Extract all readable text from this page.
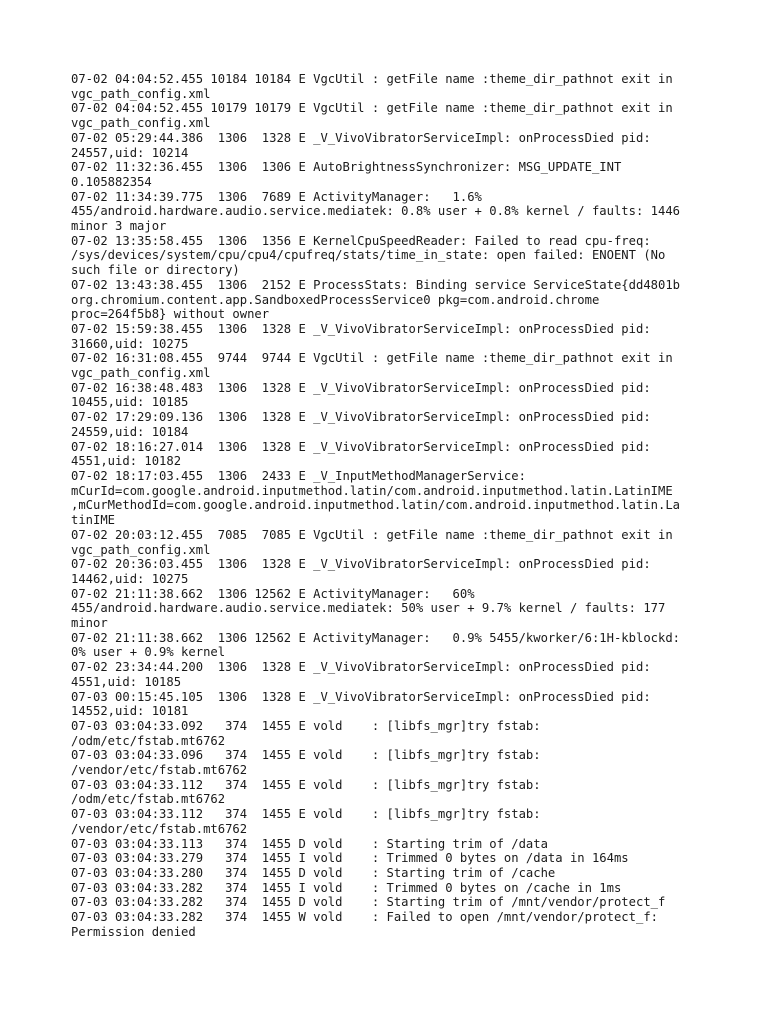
07-02 04:04:52.455 10184 10184 E VgcUtil : getFile name :theme_dir_pathnot exit in
vgc_path_config.xml
07-02 04:04:52.455 10179 10179 E VgcUtil : getFile name :theme_dir_pathnot exit in
vgc_path_config.xml
07-02 05:29:44.386  1306  1328 E _V_VivoVibratorServiceImpl: onProcessDied pid:
24557,uid: 10214
07-02 11:32:36.455  1306  1306 E AutoBrightnessSynchronizer: MSG_UPDATE_INT
0.105882354
07-02 11:34:39.775  1306  7689 E ActivityManager:   1.6%
455/android.hardware.audio.service.mediatek: 0.8% user + 0.8% kernel / faults: 1446
minor 3 major
07-02 13:35:58.455  1306  1356 E KernelCpuSpeedReader: Failed to read cpu-freq:
/sys/devices/system/cpu/cpu4/cpufreq/stats/time_in_state: open failed: ENOENT (No
such file or directory)
07-02 13:43:38.455  1306  2152 E ProcessStats: Binding service ServiceState{dd4801b
org.chromium.content.app.SandboxedProcessService0 pkg=com.android.chrome
proc=264f5b8} without owner
07-02 15:59:38.455  1306  1328 E _V_VivoVibratorServiceImpl: onProcessDied pid:
31660,uid: 10275
07-02 16:31:08.455  9744  9744 E VgcUtil : getFile name :theme_dir_pathnot exit in
vgc_path_config.xml
07-02 16:38:48.483  1306  1328 E _V_VivoVibratorServiceImpl: onProcessDied pid:
10455,uid: 10185
07-02 17:29:09.136  1306  1328 E _V_VivoVibratorServiceImpl: onProcessDied pid:
24559,uid: 10184
07-02 18:16:27.014  1306  1328 E _V_VivoVibratorServiceImpl: onProcessDied pid:
4551,uid: 10182
07-02 18:17:03.455  1306  2433 E _V_InputMethodManagerService:
mCurId=com.google.android.inputmethod.latin/com.android.inputmethod.latin.LatinIME
,mCurMethodId=com.google.android.inputmethod.latin/com.android.inputmethod.latin.La
tinIME
07-02 20:03:12.455  7085  7085 E VgcUtil : getFile name :theme_dir_pathnot exit in
vgc_path_config.xml
07-02 20:36:03.455  1306  1328 E _V_VivoVibratorServiceImpl: onProcessDied pid:
14462,uid: 10275
07-02 21:11:38.662  1306 12562 E ActivityManager:   60%
455/android.hardware.audio.service.mediatek: 50% user + 9.7% kernel / faults: 177
minor
07-02 21:11:38.662  1306 12562 E ActivityManager:   0.9% 5455/kworker/6:1H-kblockd:
0% user + 0.9% kernel
07-02 23:34:44.200  1306  1328 E _V_VivoVibratorServiceImpl: onProcessDied pid:
4551,uid: 10185
07-03 00:15:45.105  1306  1328 E _V_VivoVibratorServiceImpl: onProcessDied pid:
14552,uid: 10181
07-03 03:04:33.092   374  1455 E vold    : [libfs_mgr]try fstab:
/odm/etc/fstab.mt6762
07-03 03:04:33.096   374  1455 E vold    : [libfs_mgr]try fstab:
/vendor/etc/fstab.mt6762
07-03 03:04:33.112   374  1455 E vold    : [libfs_mgr]try fstab:
/odm/etc/fstab.mt6762
07-03 03:04:33.112   374  1455 E vold    : [libfs_mgr]try fstab:
/vendor/etc/fstab.mt6762
07-03 03:04:33.113   374  1455 D vold    : Starting trim of /data
07-03 03:04:33.279   374  1455 I vold    : Trimmed 0 bytes on /data in 164ms
07-03 03:04:33.280   374  1455 D vold    : Starting trim of /cache
07-03 03:04:33.282   374  1455 I vold    : Trimmed 0 bytes on /cache in 1ms
07-03 03:04:33.282   374  1455 D vold    : Starting trim of /mnt/vendor/protect_f
07-03 03:04:33.282   374  1455 W vold    : Failed to open /mnt/vendor/protect_f:
Permission denied
